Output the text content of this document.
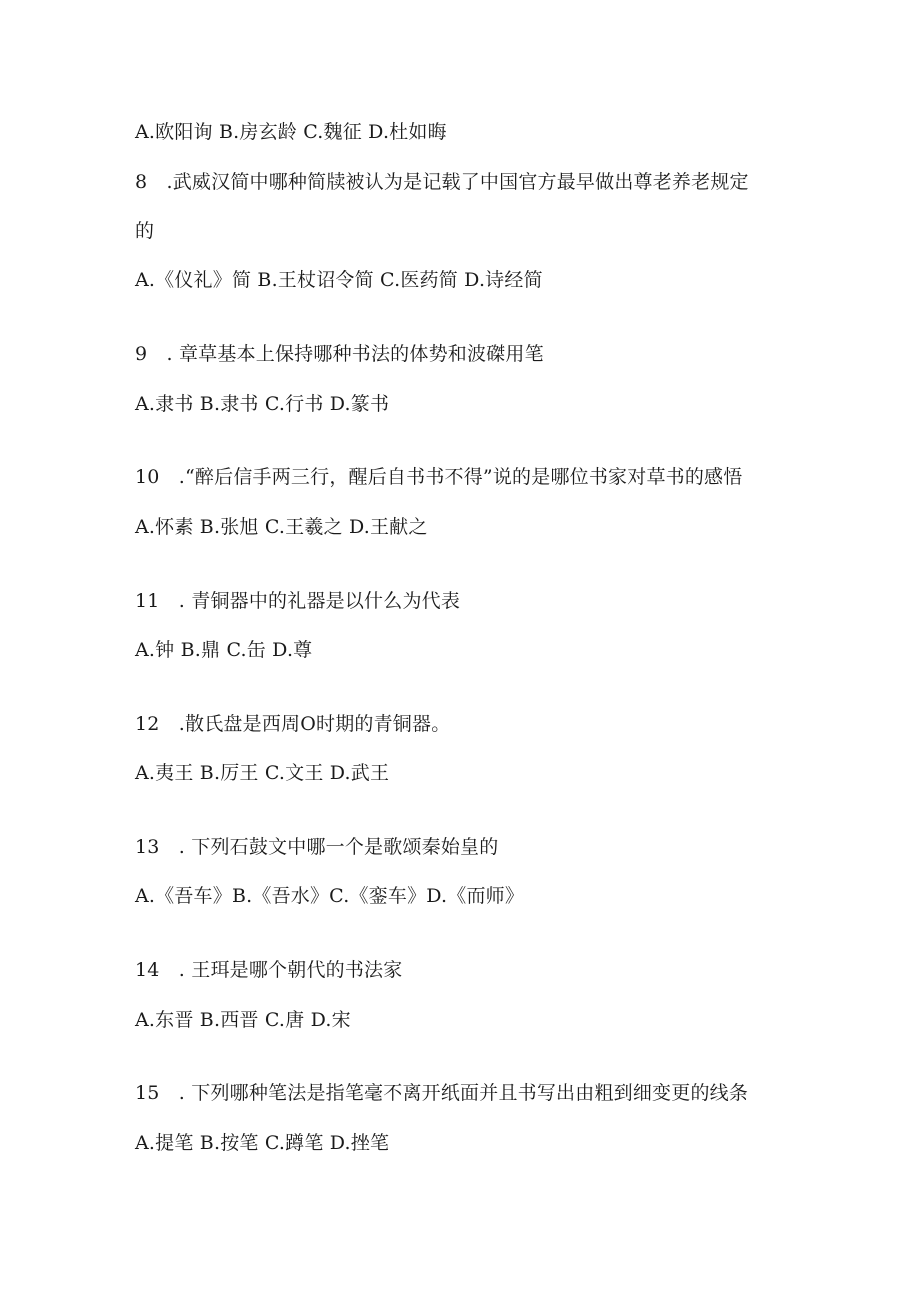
A.欧阳询 B.房玄龄 C.魏征 D.杜如晦
8 .武威汉简中哪种简牍被认为是记载了中国官方最早做出尊老养老规定
的
A.《仪礼》简 B.王杖诏令简 C.医药简 D.诗经简
9 . 章草基本上保持哪种书法的体势和波磔用笔
A.隶书 B.隶书 C.行书 D.篆书
10 .“醉后信手两三行，醒后自书书不得”说的是哪位书家对草书的感悟
A.怀素 B.张旭 C.王羲之 D.王献之
11 . 青铜器中的礼器是以什么为代表
A.钟 B.鼎 C.缶 D.尊
12 .散氏盘是西周O时期的青铜器。
A.夷王 B.厉王 C.文王 D.武王
13 . 下列石鼓文中哪一个是歌颂秦始皇的
A.《吾车》B.《吾水》C.《銮车》D.《而师》
14 . 王珥是哪个朝代的书法家
A.东晋 B.西晋 C.唐 D.宋
15 . 下列哪种笔法是指笔毫不离开纸面并且书写出由粗到细变更的线条
A.提笔 B.按笔 C.蹲笔 D.挫笔
